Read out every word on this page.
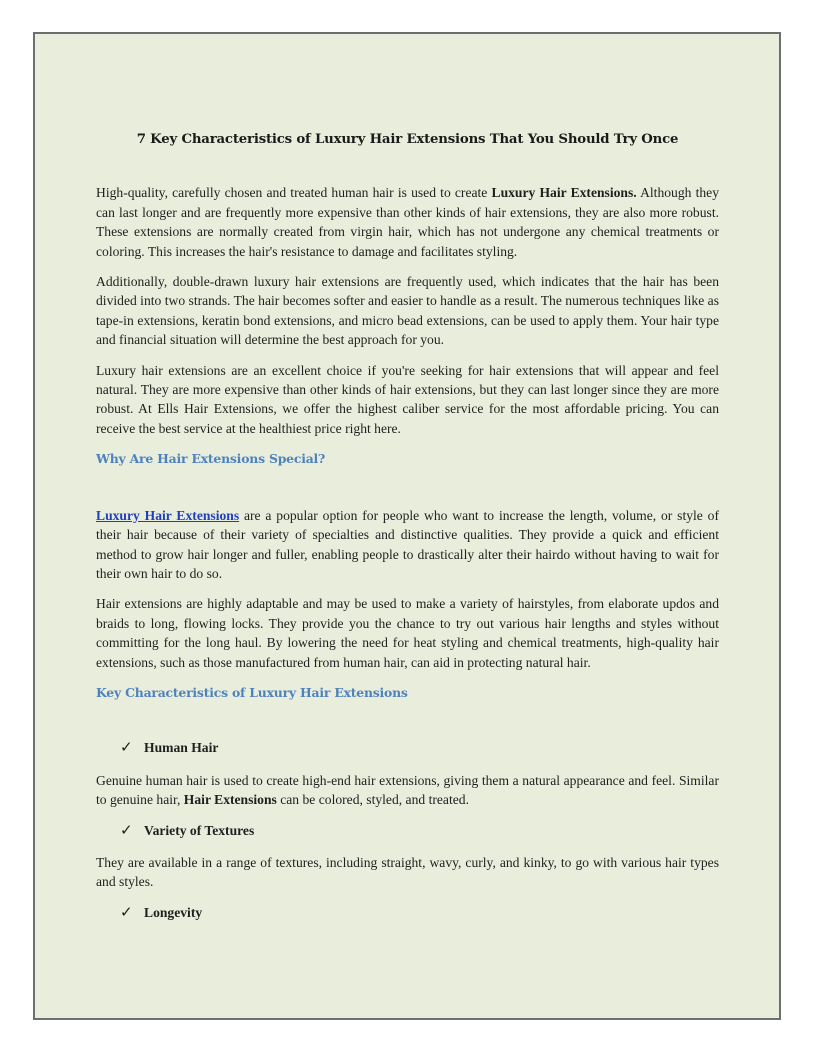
7 Key Characteristics of Luxury Hair Extensions That You Should Try Once

High-quality, carefully chosen and treated human hair is used to create Luxury Hair Extensions. Although they can last longer and are frequently more expensive than other kinds of hair extensions, they are also more robust. These extensions are normally created from virgin hair, which has not undergone any chemical treatments or coloring. This increases the hair's resistance to damage and facilitates styling.

Additionally, double-drawn luxury hair extensions are frequently used, which indicates that the hair has been divided into two strands. The hair becomes softer and easier to handle as a result. The numerous techniques like as tape-in extensions, keratin bond extensions, and micro bead extensions, can be used to apply them. Your hair type and financial situation will determine the best approach for you.

Luxury hair extensions are an excellent choice if you're seeking for hair extensions that will appear and feel natural. They are more expensive than other kinds of hair extensions, but they can last longer since they are more robust. At Ells Hair Extensions, we offer the highest caliber service for the most affordable pricing. You can receive the best service at the healthiest price right here.

Why Are Hair Extensions Special?

Luxury Hair Extensions are a popular option for people who want to increase the length, volume, or style of their hair because of their variety of specialties and distinctive qualities. They provide a quick and efficient method to grow hair longer and fuller, enabling people to drastically alter their hairdo without having to wait for their own hair to do so.

Hair extensions are highly adaptable and may be used to make a variety of hairstyles, from elaborate updos and braids to long, flowing locks. They provide you the chance to try out various hair lengths and styles without committing for the long haul. By lowering the need for heat styling and chemical treatments, high-quality hair extensions, such as those manufactured from human hair, can aid in protecting natural hair.

Key Characteristics of Luxury Hair Extensions
✓ Human Hair

Genuine human hair is used to create high-end hair extensions, giving them a natural appearance and feel. Similar to genuine hair, Hair Extensions can be colored, styled, and treated.

✓ Variety of Textures

They are available in a range of textures, including straight, wavy, curly, and kinky, to go with various hair types and styles.

✓ Longevity
